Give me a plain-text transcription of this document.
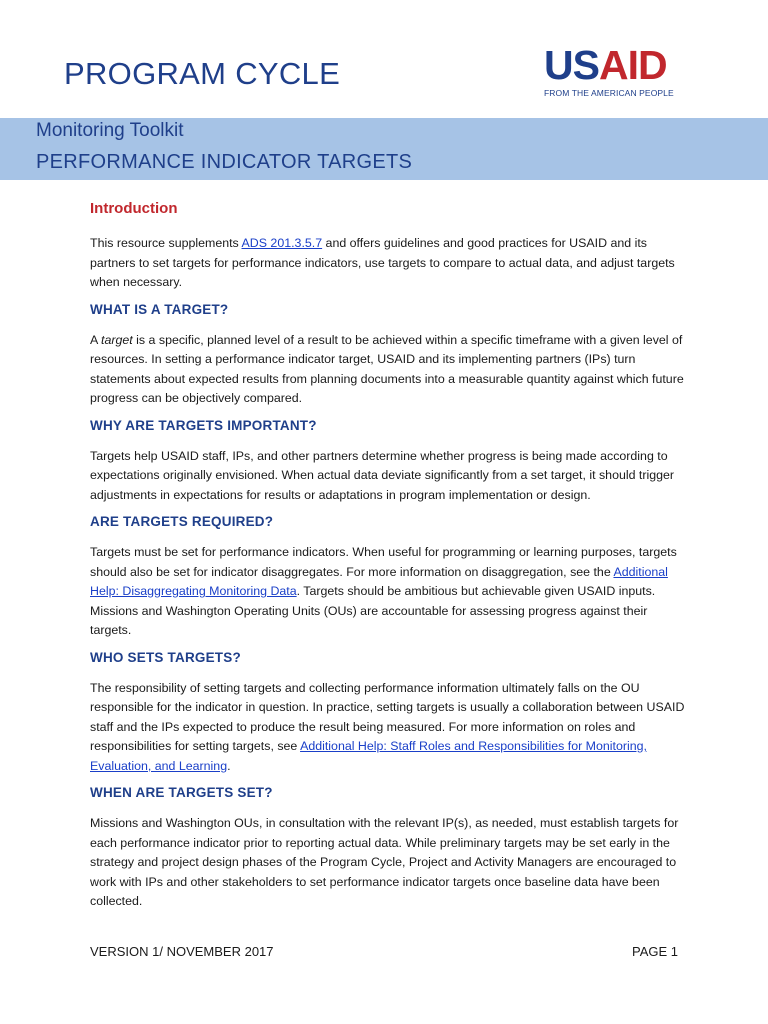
PROGRAM CYCLE	USAID
FROM THE AMERICAN PEOPLE
Monitoring Toolkit
PERFORMANCE INDICATOR TARGETS
Introduction

This resource supplements ADS 201.3.5.7 and offers guidelines and good practices for USAID and its partners to set targets for performance indicators, use targets to compare to actual data, and adjust targets when necessary.

WHAT IS A TARGET?

A target is a specific, planned level of a result to be achieved within a specific timeframe with a given level of resources. In setting a performance indicator target, USAID and its implementing partners (IPs) turn statements about expected results from planning documents into a measurable quantity against which future progress can be objectively compared.

WHY ARE TARGETS IMPORTANT?

Targets help USAID staff, IPs, and other partners determine whether progress is being made according to expectations originally envisioned. When actual data deviate significantly from a set target, it should trigger adjustments in expectations for results or adaptations in program implementation or design.

ARE TARGETS REQUIRED?

Targets must be set for performance indicators. When useful for programming or learning purposes, targets should also be set for indicator disaggregates. For more information on disaggregation, see the Additional Help: Disaggregating Monitoring Data. Targets should be ambitious but achievable given USAID inputs. Missions and Washington Operating Units (OUs) are accountable for assessing progress against their targets.

WHO SETS TARGETS?

The responsibility of setting targets and collecting performance information ultimately falls on the OU responsible for the indicator in question. In practice, setting targets is usually a collaboration between USAID staff and the IPs expected to produce the result being measured. For more information on roles and responsibilities for setting targets, see Additional Help: Staff Roles and Responsibilities for Monitoring, Evaluation, and Learning.

WHEN ARE TARGETS SET?

Missions and Washington OUs, in consultation with the relevant IP(s), as needed, must establish targets for each performance indicator prior to reporting actual data. While preliminary targets may be set early in the strategy and project design phases of the Program Cycle, Project and Activity Managers are encouraged to work with IPs and other stakeholders to set performance indicator targets once baseline data have been collected.

VERSION 1/ NOVEMBER 2017	PAGE 1
